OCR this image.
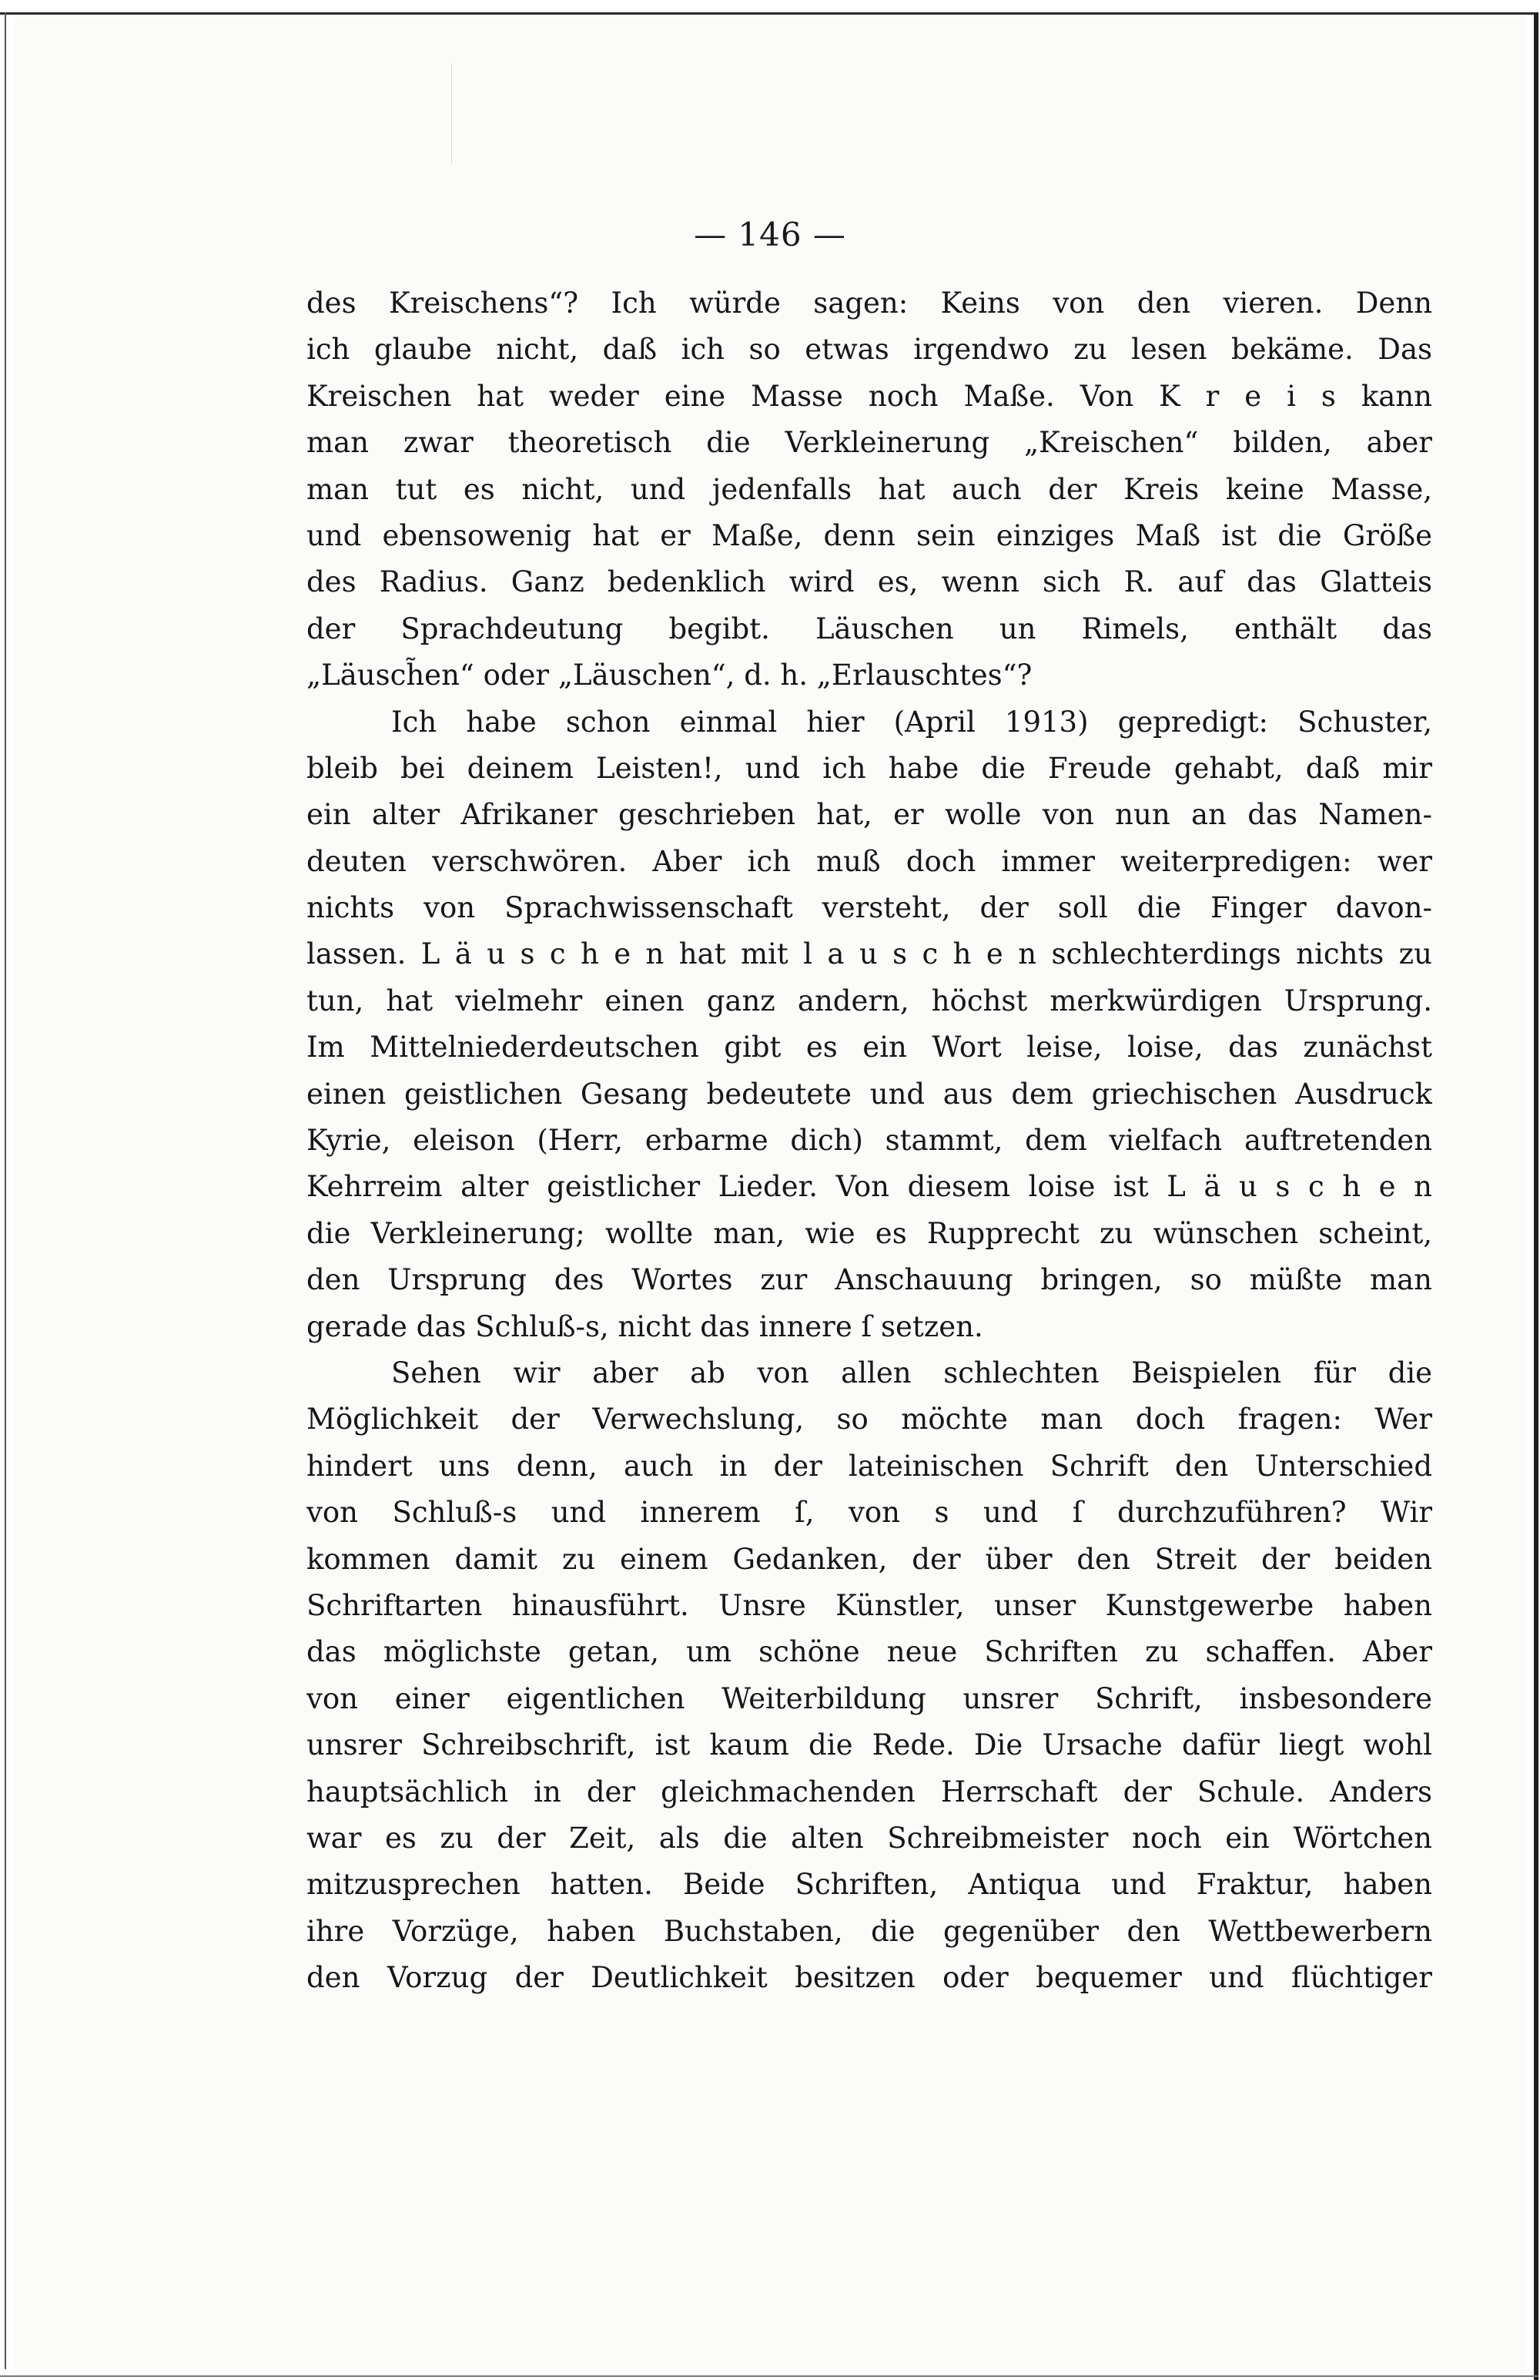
— 146 —
des Kreischens“? Ich würde sagen: Keins von den vieren. Denn
ich glaube nicht, daß ich so etwas irgendwo zu lesen bekäme. Das
Kreischen hat weder eine Masse noch Maße. Von K r e i s kann
man zwar theoretisch die Verkleinerung „Kreischen“ bilden, aber
man tut es nicht, und jedenfalls hat auch der Kreis keine Masse,
und ebensowenig hat er Maße, denn sein einziges Maß ist die Größe
des Radius. Ganz bedenklich wird es, wenn sich R. auf das Glatteis
der Sprachdeutung begibt. Läuschen un Rimels, enthält das
„Läusch̃en“ oder „Läuschen“, d. h. „Erlauschtes“?
Ich habe schon einmal hier (April 1913) gepredigt: Schuster,
bleib bei deinem Leisten!, und ich habe die Freude gehabt, daß mir
ein alter Afrikaner geschrieben hat, er wolle von nun an das Namen-
deuten verschwören. Aber ich muß doch immer weiterpredigen: wer
nichts von Sprachwissenschaft versteht, der soll die Finger davon-
lassen. L ä u s c h e n hat mit l a u s c h e n schlechterdings nichts zu
tun, hat vielmehr einen ganz andern, höchst merkwürdigen Ursprung.
Im Mittelniederdeutschen gibt es ein Wort leise, loise, das zunächst
einen geistlichen Gesang bedeutete und aus dem griechischen Ausdruck
Kyrie, eleison (Herr, erbarme dich) stammt, dem vielfach auftretenden
Kehrreim alter geistlicher Lieder. Von diesem loise ist L ä u s c h e n
die Verkleinerung; wollte man, wie es Rupprecht zu wünschen scheint,
den Ursprung des Wortes zur Anschauung bringen, so müßte man
gerade das Schluß-s, nicht das innere ſ setzen.
Sehen wir aber ab von allen schlechten Beispielen für die
Möglichkeit der Verwechslung, so möchte man doch fragen: Wer
hindert uns denn, auch in der lateinischen Schrift den Unterschied
von Schluß-s und innerem ſ, von s und ſ durchzuführen? Wir
kommen damit zu einem Gedanken, der über den Streit der beiden
Schriftarten hinausführt. Unsre Künstler, unser Kunstgewerbe haben
das möglichste getan, um schöne neue Schriften zu schaffen. Aber
von einer eigentlichen Weiterbildung unsrer Schrift, insbesondere
unsrer Schreibschrift, ist kaum die Rede. Die Ursache dafür liegt wohl
hauptsächlich in der gleichmachenden Herrschaft der Schule. Anders
war es zu der Zeit, als die alten Schreibmeister noch ein Wörtchen
mitzusprechen hatten. Beide Schriften, Antiqua und Fraktur, haben
ihre Vorzüge, haben Buchstaben, die gegenüber den Wettbewerbern
den Vorzug der Deutlichkeit besitzen oder bequemer und flüchtiger
